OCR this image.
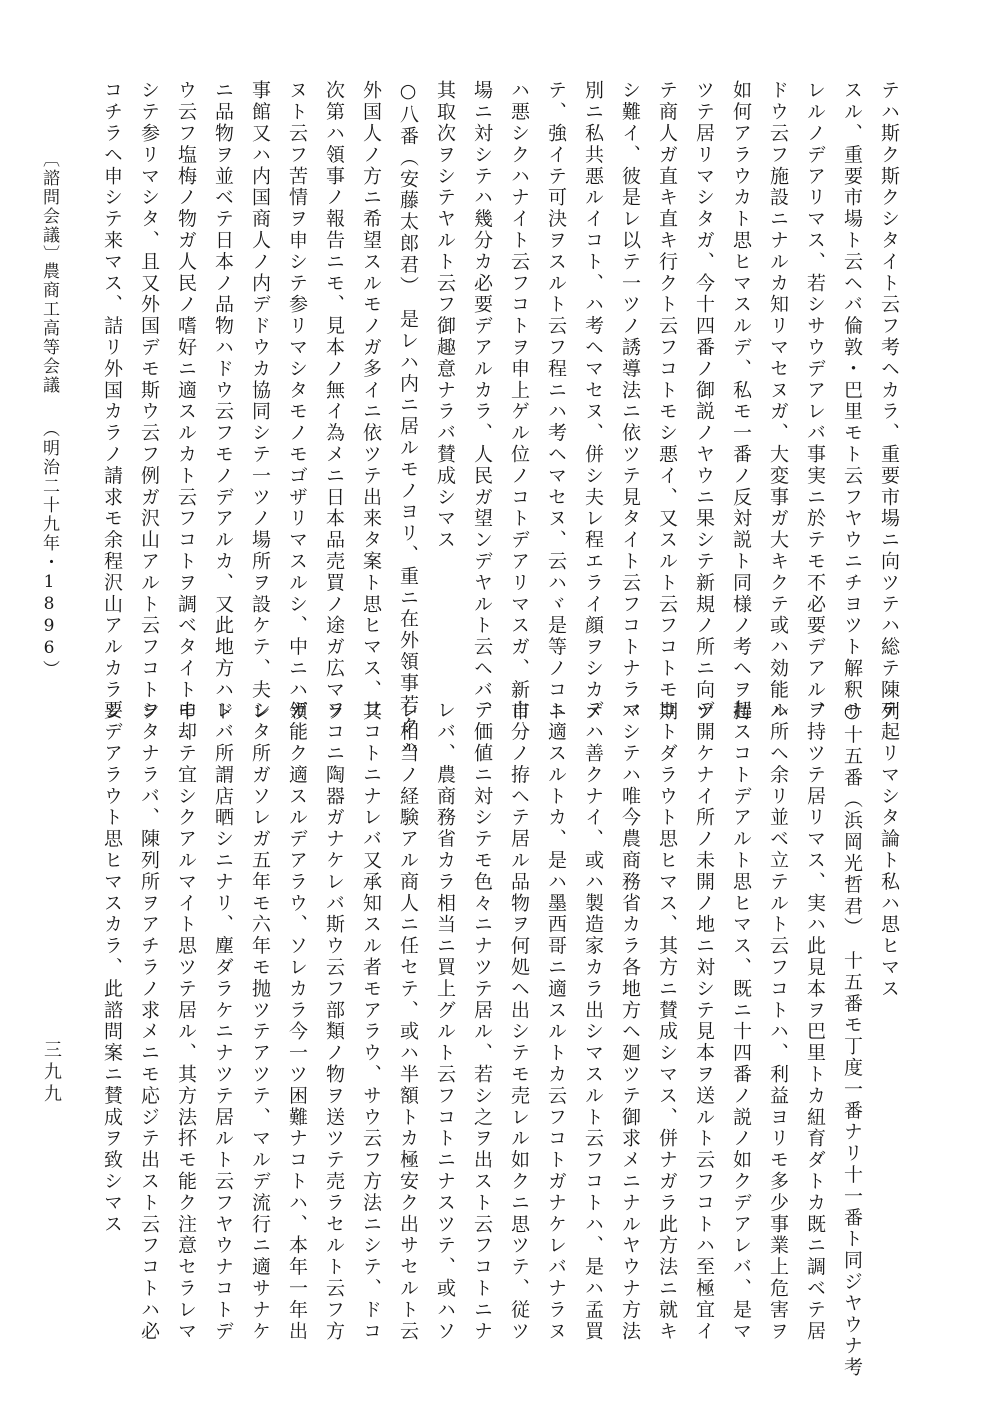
テハ斯ク斯クシタイト云フ考ヘカラ、重要市場ニ向ツテハ総テ陳列
スル、重要市場ト云ヘバ倫敦・巴里モト云フヤウニチヨツト解釈サ
レルノデアリマス、若シサウデアレバ事実ニ於テモ不必要デアル、
ドウ云フ施設ニナルカ知リマセヌガ、大変事ガ大キクテ或ハ効能ハ
如何アラウカト思ヒマスルデ、私モ一番ノ反対説ト同様ノ考ヘヲ持
ツテ居リマシタガ、今十四番ノ御説ノヤウニ果シテ新規ノ所ニ向ツ
テ商人ガ直キ直キ行クト云フコトモシ悪イ、又スルト云フコトモ期
シ難イ、彼是レ以テ一ツノ誘導法ニ依ツテ見タイト云フコトナラバ
別ニ私共悪ルイコト、ハ考ヘマセヌ、併シ夫レ程エライ顔ヲシカメ
テ、強イテ可決ヲスルト云フ程ニハ考ヘマセヌ、云ハヾ是等ノコト
ハ悪シクハナイト云フコトヲ申上ゲル位ノコトデアリマスガ、新市
場ニ対シテハ幾分カ必要デアルカラ、人民ガ望ンデヤルト云ヘバ、
其取次ヲシテヤルト云フ御趣意ナラバ賛成シマス
○八番（安藤太郎君）　是レハ内ニ居ルモノヨリ、重ニ在外領事若クハ
外国人ノ方ニ希望スルモノガ多イニ依ツテ出来タ案ト思ヒマス、其
次第ハ領事ノ報告ニモ、見本ノ無イ為メニ日本品売買ノ途ガ広マラ
ヌト云フ苦情ヲ申シテ参リマシタモノモゴザリマスルシ、中ニハ領
事館又ハ内国商人ノ内デドウカ協同シテ一ツノ場所ヲ設ケテ、夫レ
ニ品物ヲ並ベテ日本ノ品物ハドウ云フモノデアルカ、又此地方ハド
ウ云フ塩梅ノ物ガ人民ノ嗜好ニ適スルカト云フコトヲ調ベタイト申
シテ参リマシタ、且又外国デモ斯ウ云フ例ガ沢山アルト云フコトヲ
コチラヘ申シテ来マス、詰リ外国カラノ請求モ余程沢山アルカラシ
テ起リマシタ論ト私ハ思ヒマス
○十五番（浜岡光哲君）　十五番モ丁度一番ナリ十一番ト同ジヤウナ考
ヲ持ツテ居リマス、実ハ此見本ヲ巴里トカ紐育ダトカ既ニ調ベテ居
ル所ヘ余リ並ベ立テルト云フコトハ、利益ヨリモ多少事業上危害ヲ
起スコトデアルト思ヒマス、既ニ十四番ノ説ノ如クデアレバ、是マ
デ開ケナイ所ノ未開ノ地ニ対シテ見本ヲ送ルト云フコトハ至極宜イ
コトダラウト思ヒマス、其方ニ賛成シマス、併ナガラ此方法ニ就キ
マシテハ唯今農商務省カラ各地方ヘ廻ツテ御求メニナルヤウナ方法
デハ善クナイ、或ハ製造家カラ出シマスルト云フコトハ、是ハ孟買
ニ適スルトカ、是ハ墨西哥ニ適スルトカ云フコトガナケレバナラヌ
自分ノ拵ヘテ居ル品物ヲ何処ヘ出シテモ売レル如クニ思ツテ、従ツ
テ価値ニ対シテモ色々ニナツテ居ル、若シ之ヲ出スト云フコトニナ
レバ、農商務省カラ相当ニ買上グルト云フコトニナスツテ、或ハソ
レ相当ノ経験アル商人ニ任セテ、或ハ半額トカ極安ク出サセルト云
フコトニナレバ又承知スル者モアラウ、サウ云フ方法ニシテ、ドコ
ソコニ陶器ガナケレバ斯ウ云フ部類ノ物ヲ送ツテ売ラセルト云フ方
ガ能ク適スルデアラウ、ソレカラ今一ツ困難ナコトハ、本年一年出
シタ所ガソレガ五年モ六年モ抛ツテアツテ、マルデ流行ニ適サナケ
レバ所謂店晒シニナリ、塵ダラケニナツテ居ルト云フヤウナコトデ
モ却テ宜シクアルマイト思ツテ居ル、其方法抔モ能ク注意セラレマ
シタナラバ、陳列所ヲアチラノ求メニモ応ジテ出スト云フコトハ必
要デアラウト思ヒマスカラ、此諮問案ニ賛成ヲ致シマス
〔諮問会議〕
農商工高等会議
（明治二十九年・1896）
三九九
